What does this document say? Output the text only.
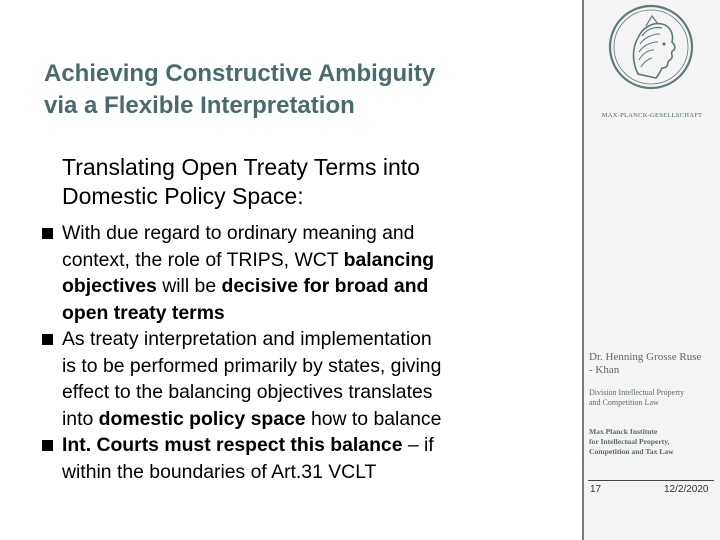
Achieving Constructive Ambiguity
via a Flexible Interpretation
Translating Open Treaty Terms into
Domestic Policy Space:
With due regard to ordinary meaning and
context, the role of TRIPS, WCT balancing
objectives will be decisive for broad and
open treaty terms
As treaty interpretation and implementation
is to be performed primarily by states, giving
effect to the balancing objectives translates
into domestic policy space how to balance
Int. Courts must respect this balance – if
within the boundaries of Art.31 VCLT
MAX-PLANCK-GESELLSCHAFT
Dr. Henning Grosse Ruse
- Khan
Division Intellectual Property
and Competition Law
Max Planck Institute
for Intellectual Property,
Competition and Tax Law
17	12/2/2020
